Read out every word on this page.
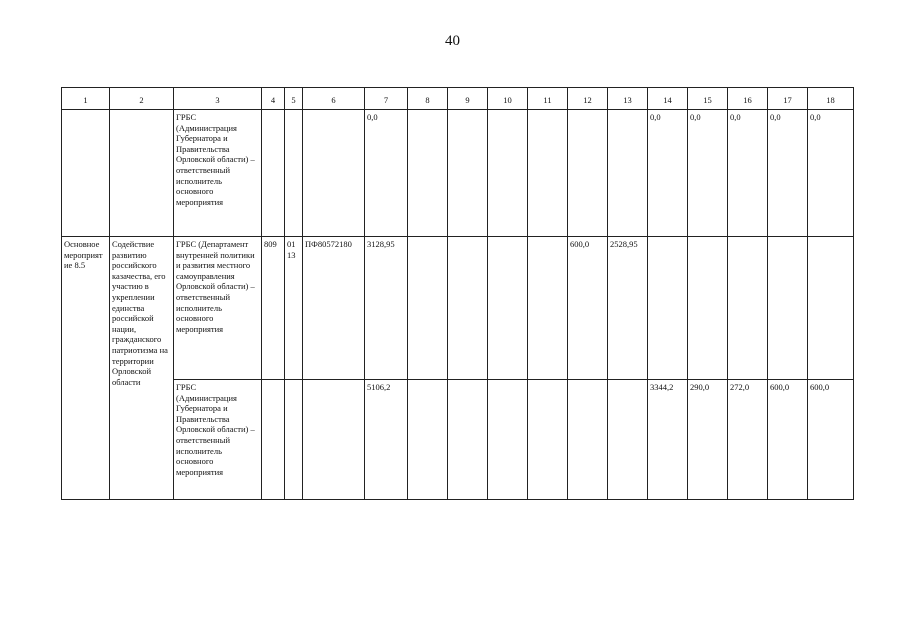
40
1	2	3	4	5	6	7	8	9	10	11	12	13	14	15	16	17	18
		ГРБС (Администрация Губернатора и Правительства Орловской области) – ответственный исполнитель основного мероприятия				0,0							0,0	0,0	0,0	0,0	0,0
Основное мероприятие 8.5	Содействие развитию российского казачества, его участию в укреплении единства российской нации, гражданского патриотизма на территории Орловской области	ГРБС (Департамент внутренней политики и развития местного самоуправления Орловской области) – ответственный исполнитель основного мероприятия	809	01 13	ПФ80572180	3128,95					600,0	2528,95					
		ГРБС (Администрация Губернатора и Правительства Орловской области) – ответственный исполнитель основного мероприятия				5106,2							3344,2	290,0	272,0	600,0	600,0
